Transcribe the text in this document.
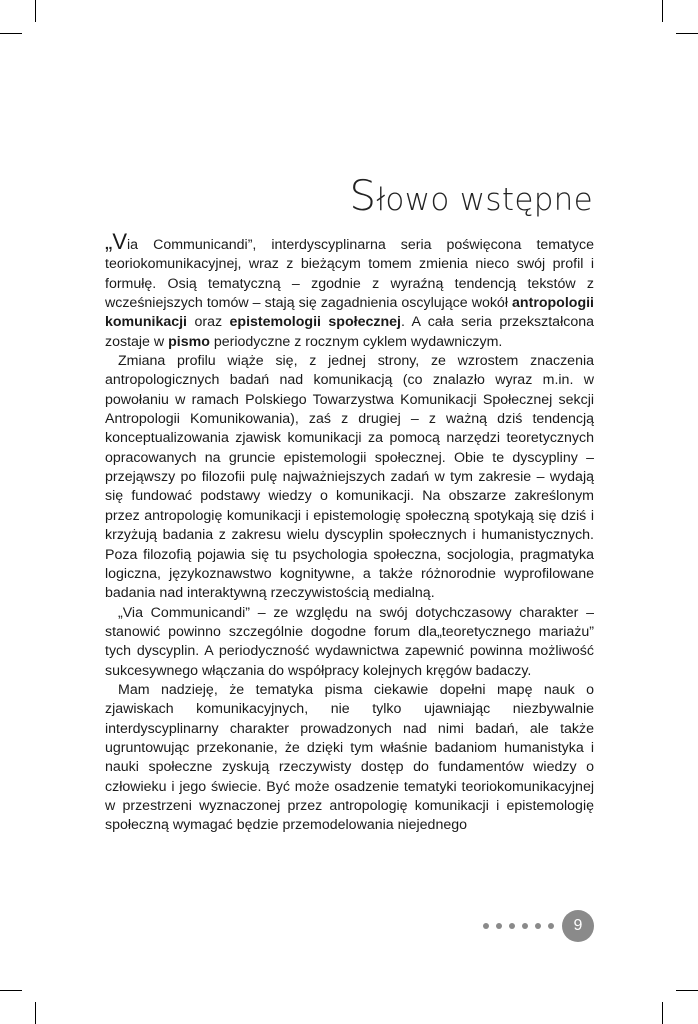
Słowo wstępne

„Via Communicandi”, interdyscyplinarna seria poświęcona tematyce teoriokomunikacyjnej, wraz z bieżącym tomem zmienia nieco swój profil i formułę. Osią tematyczną – zgodnie z wyraźną tendencją tekstów z wcześniejszych tomów – stają się zagadnienia oscylujące wokół antropologii komunikacji oraz epistemologii społecznej. A cała seria przekształcona zostaje w pismo periodyczne z rocznym cyklem wydawniczym.

Zmiana profilu wiąże się, z jednej strony, ze wzrostem znaczenia antropologicznych badań nad komunikacją (co znalazło wyraz m.in. w powołaniu w ramach Polskiego Towarzystwa Komunikacji Społecznej sekcji Antropologii Komunikowania), zaś z drugiej – z ważną dziś tendencją konceptualizowania zjawisk komunikacji za pomocą narzędzi teoretycznych opracowanych na gruncie epistemologii społecznej. Obie te dyscypliny – przejąwszy po filozofii pulę najważniejszych zadań w tym zakresie – wydają się fundować podstawy wiedzy o komunikacji. Na obszarze zakreślonym przez antropologię komunikacji i epistemologię społeczną spotykają się dziś i krzyżują badania z zakresu wielu dyscyplin społecznych i humanistycznych. Poza filozofią pojawia się tu psychologia społeczna, socjologia, pragmatyka logiczna, językoznawstwo kognitywne, a także różnorodnie wyprofilowane badania nad interaktywną rzeczywistością medialną.

„Via Communicandi” – ze względu na swój dotychczasowy charakter – stanowić powinno szczególnie dogodne forum dla„teoretycznego mariażu” tych dyscyplin. A periodyczność wydawnictwa zapewnić powinna możliwość sukcesywnego włączania do współpracy kolejnych kręgów badaczy.

Mam nadzieję, że tematyka pisma ciekawie dopełni mapę nauk o zjawiskach komunikacyjnych, nie tylko ujawniając niezbywalnie interdyscyplinarny charakter prowadzonych nad nimi badań, ale także ugruntowując przekonanie, że dzięki tym właśnie badaniom humanistyka i nauki społeczne zyskują rzeczywisty dostęp do fundamentów wiedzy o człowieku i jego świecie. Być może osadzenie tematyki teoriokomunikacyjnej w przestrzeni wyznaczonej przez antropologię komunikacji i epistemologię społeczną wymagać będzie przemodelowania niejednego

9
